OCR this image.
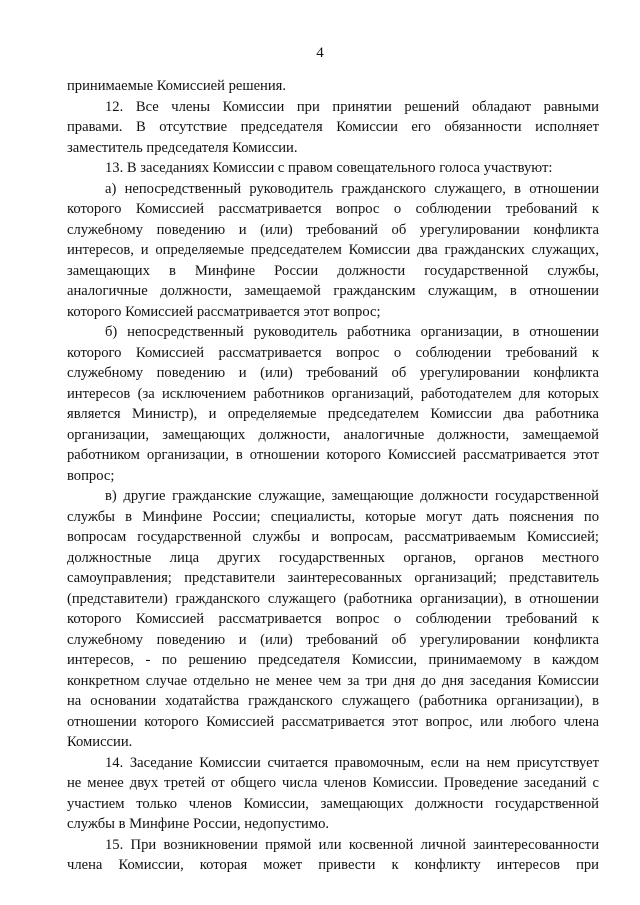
4
принимаемые Комиссией решения.
12. Все члены Комиссии при принятии решений обладают равными
правами. В отсутствие председателя Комиссии его обязанности исполняет
заместитель председателя Комиссии.
13. В заседаниях Комиссии с правом совещательного голоса участвуют:
а) непосредственный руководитель гражданского служащего, в отношении
которого Комиссией рассматривается вопрос о соблюдении требований к
служебному поведению и (или) требований об урегулировании конфликта
интересов, и определяемые председателем Комиссии два гражданских служащих,
замещающих в Минфине России должности государственной службы,
аналогичные должности, замещаемой гражданским служащим, в отношении
которого Комиссией рассматривается этот вопрос;
б) непосредственный руководитель работника организации, в отношении
которого Комиссией рассматривается вопрос о соблюдении требований к
служебному поведению и (или) требований об урегулировании конфликта
интересов (за исключением работников организаций, работодателем для которых
является Министр), и определяемые председателем Комиссии два работника
организации, замещающих должности, аналогичные должности, замещаемой
работником организации, в отношении которого Комиссией рассматривается этот
вопрос;
в) другие гражданские служащие, замещающие должности государственной
службы в Минфине России; специалисты, которые могут дать пояснения по
вопросам государственной службы и вопросам, рассматриваемым Комиссией;
должностные лица других государственных органов, органов местного
самоуправления; представители заинтересованных организаций; представитель
(представители) гражданского служащего (работника организации), в отношении
которого Комиссией рассматривается вопрос о соблюдении требований к
служебному поведению и (или) требований об урегулировании конфликта
интересов, - по решению председателя Комиссии, принимаемому в каждом
конкретном случае отдельно не менее чем за три дня до дня заседания Комиссии
на основании ходатайства гражданского служащего (работника организации), в
отношении которого Комиссией рассматривается этот вопрос, или любого члена
Комиссии.
14. Заседание Комиссии считается правомочным, если на нем присутствует
не менее двух третей от общего числа членов Комиссии. Проведение заседаний с
участием только членов Комиссии, замещающих должности государственной
службы в Минфине России, недопустимо.
15. При возникновении прямой или косвенной личной заинтересованности
члена Комиссии, которая может привести к конфликту интересов при
